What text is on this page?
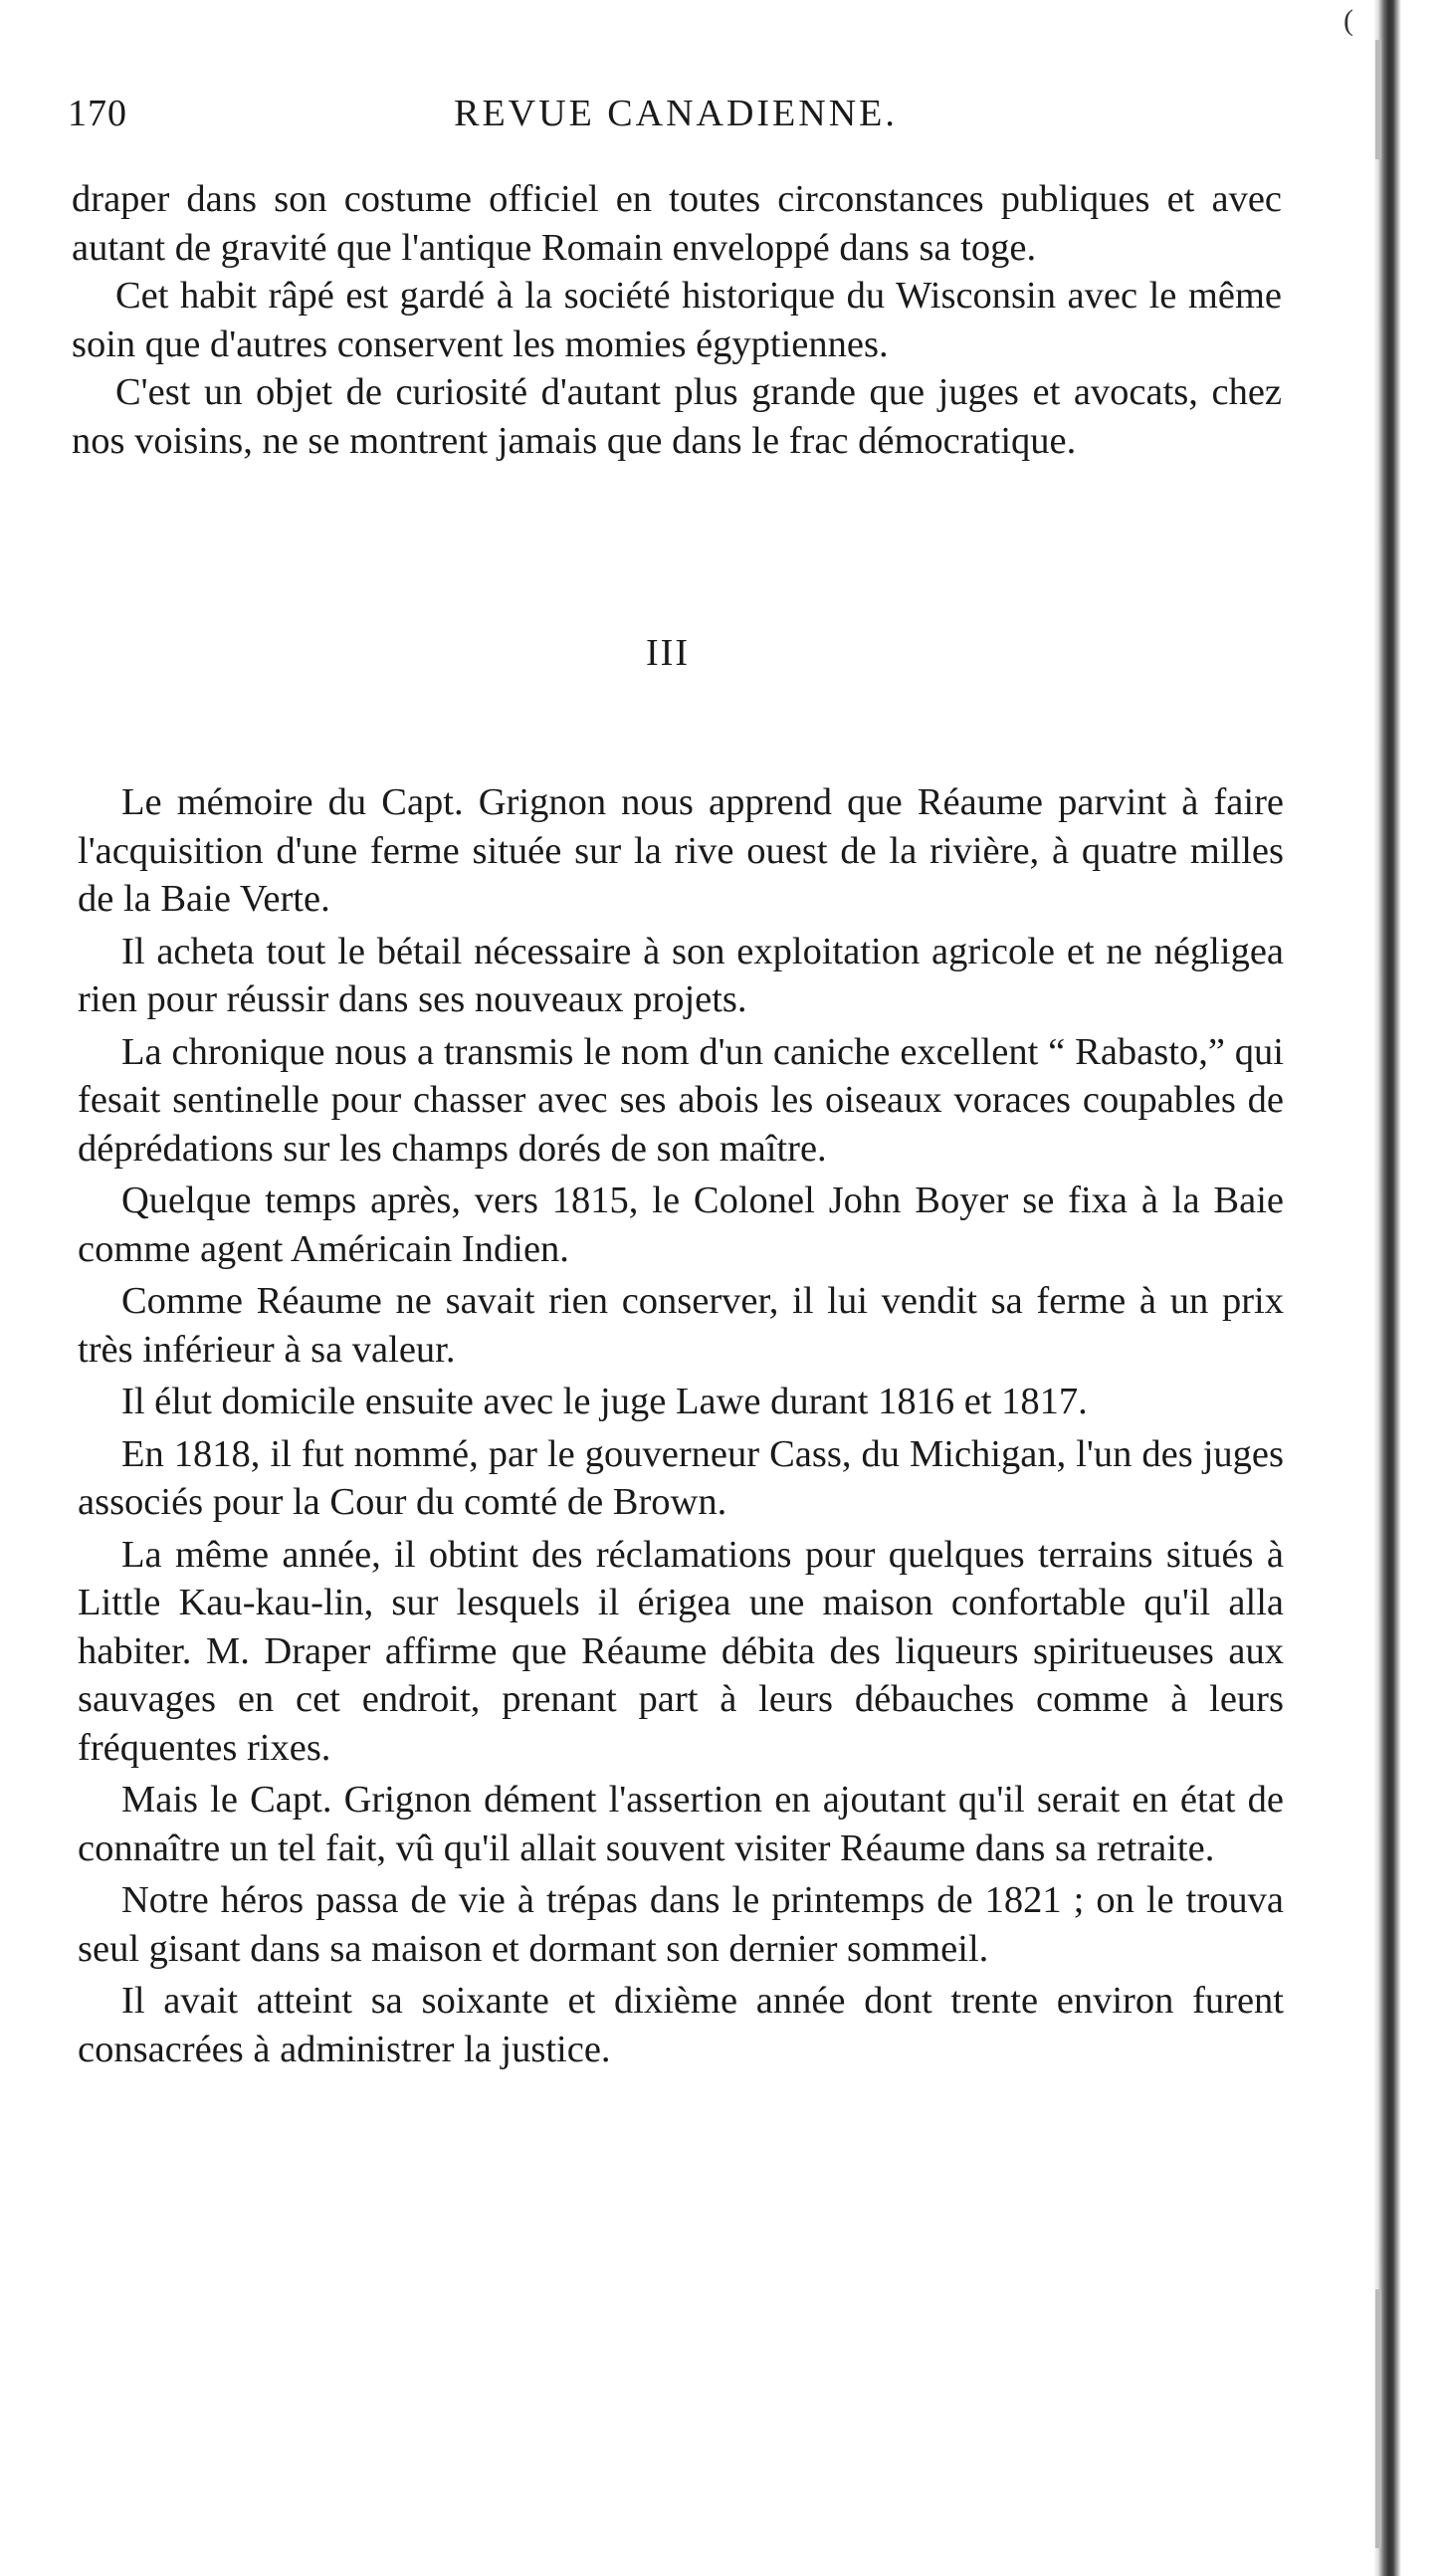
(
170	REVUE CANADIENNE.

draper dans son costume officiel en toutes circonstances publiques et avec autant de gravité que l'antique Romain enveloppé dans sa toge.

Cet habit râpé est gardé à la société historique du Wisconsin avec le même soin que d'autres conservent les momies égyptiennes.

C'est un objet de curiosité d'autant plus grande que juges et avocats, chez nos voisins, ne se montrent jamais que dans le frac démocratique.

III

Le mémoire du Capt. Grignon nous apprend que Réaume parvint à faire l'acquisition d'une ferme située sur la rive ouest de la rivière, à quatre milles de la Baie Verte.

Il acheta tout le bétail nécessaire à son exploitation agricole et ne négligea rien pour réussir dans ses nouveaux projets.

La chronique nous a transmis le nom d'un caniche excellent “ Rabasto,” qui fesait sentinelle pour chasser avec ses abois les oiseaux voraces coupables de déprédations sur les champs dorés de son maître.

Quelque temps après, vers 1815, le Colonel John Boyer se fixa à la Baie comme agent Américain Indien.

Comme Réaume ne savait rien conserver, il lui vendit sa ferme à un prix très inférieur à sa valeur.

Il élut domicile ensuite avec le juge Lawe durant 1816 et 1817.

En 1818, il fut nommé, par le gouverneur Cass, du Michigan, l'un des juges associés pour la Cour du comté de Brown.

La même année, il obtint des réclamations pour quelques terrains situés à Little Kau-kau-lin, sur lesquels il érigea une maison confortable qu'il alla habiter. M. Draper affirme que Réaume débita des liqueurs spiritueuses aux sauvages en cet endroit, prenant part à leurs débauches comme à leurs fréquentes rixes.

Mais le Capt. Grignon dément l'assertion en ajoutant qu'il serait en état de connaître un tel fait, vû qu'il allait souvent visiter Réaume dans sa retraite.

Notre héros passa de vie à trépas dans le printemps de 1821 ; on le trouva seul gisant dans sa maison et dormant son dernier sommeil.

Il avait atteint sa soixante et dixième année dont trente environ furent consacrées à administrer la justice.
